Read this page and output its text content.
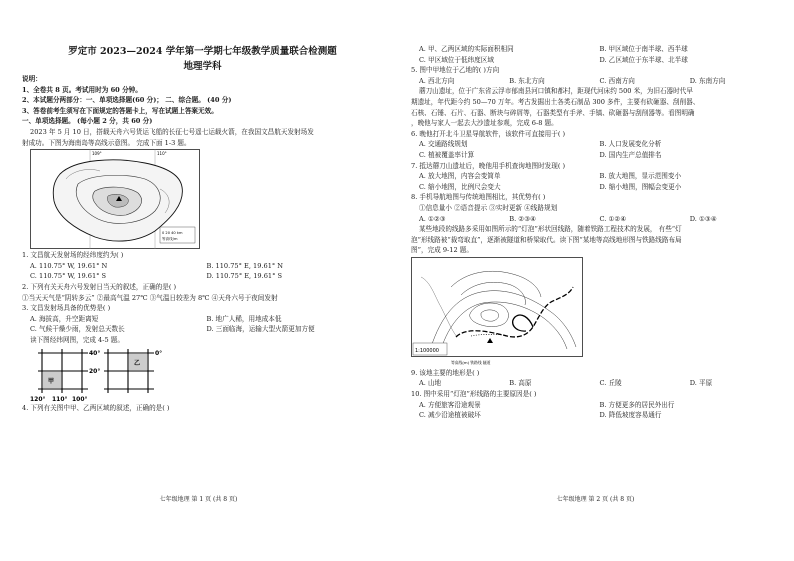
罗定市 2023—2024 学年第一学期七年级教学质量联合检测题
地理学科
说明：
1、全卷共 8 页。考试用时为 60 分钟。
2、本试题分两部分：一、单项选择题(60 分)； 二、综合题。 (40 分)
3、答卷前考生须写在下面规定的答题卡上，写在试题上答案无效。
一、单项选择题。 (每小题 2 分，共 60 分)
2023 年 5 月 10 日，搭载天舟六号货运飞船的长征七号遥七运载火箭，在我国文昌航天发射场发
射成功。下图为海南岛等高线示意图。 完成下面 1-3 题。
109°	110°
0 20 40 km
等高线/m
1. 文昌航天发射场的经纬度约为( )
A. 110.75° W, 19.61° N	B. 110.75° E, 19.61° N
C. 110.75° W, 19.61° S	D. 110.75° E, 19.61° S
2. 下列有关天舟六号发射日当天的叙述，正确的是( )
①当天天气是“阴转多云” ②最高气温 27℃ ③气温日较差为 8℃ ④天舟六号于夜间发射
3. 文昌发射场具备的优势是( )
A. 海拔高，升空距离短	B. 地广人稀，用地成本低
C. 气候干燥少雨，发射总天数长	D. 三面临海，运输大型火箭更加方便
读下图经纬网图，完成 4-5 题。
甲
乙
40°
20°
0°
120° 110° 100°
4. 下列有关图中甲、乙两区域的叙述，正确的是( )
七年级地理 第 1 页 (共 8 页)
A. 甲、乙两区域的实际面积相同	B. 甲区域位于南半球、西半球
C. 甲区域位于低纬度区域	D. 乙区域位于东半球、北半球
5. 图中甲地位于乙地的( )方向
A. 西北方向	B. 东北方向	C. 西南方向	D. 东南方向
蘑刀山遗址，位于广东省云浮市郁南县河口镇和都村，距现代河床约 500 米，为旧石器时代早
期遗址，年代距今约 50—70 万年。考古发掘出土各类石制品 300 多件，主要有砍砸器、刮削器、
石核、石锤、石片、石器、断块与碎屑等，石器类型有手斧、手镐、砍砸器与刮削器等。看图明确
，晚他与家人一起去大沙遗址参观，完成 6-8 题。
6. 晚他打开北斗卫星导航软件，该软件可直接用于( )
A. 交通路线规划	B. 人口发展变化分析
C. 植被覆盖率计算	D. 国内生产总值排名
7. 抵达蘑刀山遗址后，晚他用手机查询地图时发现( )
A. 放大地图，内容会变简单	B. 放大地图，显示范围变小
C. 缩小地图，比例尺会变大	D. 缩小地图，图幅会变更小
8. 手机导航地图与传统地图相比，其优势有( )
①信息量小 ②语音提示 ③实时更新 ④线路规划
A. ①②③	B. ②③④	C. ①②④	D. ①③④
某些地段的线路多采用如图所示的“灯泡”形状回线路，随着铁路工程技术的发展， 有些“灯
泡”形线路被“裁弯取直”，逐渐被隧道和桥梁取代。读下图“某地等高线地形图与铁路线路布局
图”，完成 9-12 题。
1:100000
等高线(m) 铁路线 隧道
9. 该地主要的地形是( )
A. 山地	B. 高原	C. 丘陵	D. 平原
10. 图中采用“灯泡”形线路的主要原因是( )
A. 方便旅客沿途观景	B. 方便更多的居民外出行
C. 减少沿途植被破坏	D. 降低坡度容易通行
七年级地理 第 2 页 (共 8 页)
